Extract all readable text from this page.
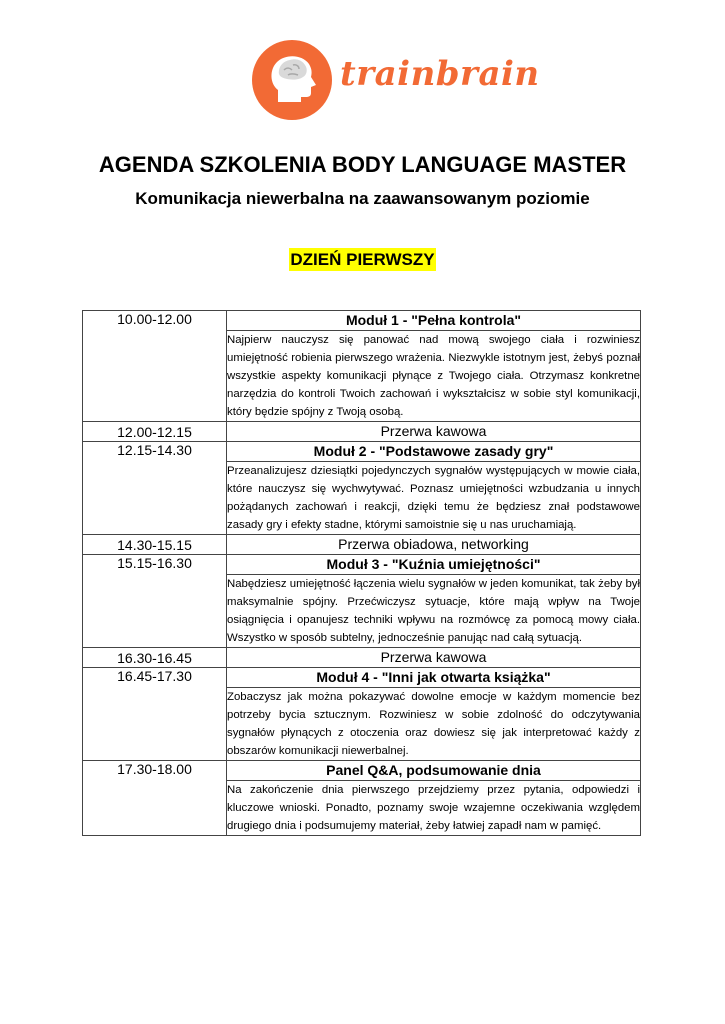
trainbrain
AGENDA SZKOLENIA BODY LANGUAGE MASTER
Komunikacja niewerbalna na zaawansowanym poziomie
DZIEŃ PIERWSZY
10.00-12.00	Moduł 1 - "Pełna kontrola"
	Najpierw nauczysz się panować nad mową swojego ciała i rozwiniesz umiejętność robienia pierwszego wrażenia. Niezwykle istotnym jest, żebyś poznał wszystkie aspekty komunikacji płynące z Twojego ciała. Otrzymasz konkretne narzędzia do kontroli Twoich zachowań i wykształcisz w sobie styl komunikacji, który będzie spójny z Twoją osobą.
12.00-12.15	Przerwa kawowa
12.15-14.30	Moduł 2 - "Podstawowe zasady gry"
	Przeanalizujesz dziesiątki pojedynczych sygnałów występujących w mowie ciała, które nauczysz się wychwytywać. Poznasz umiejętności wzbudzania u innych pożądanych zachowań i reakcji, dzięki temu że będziesz znał podstawowe zasady gry i efekty stadne, którymi samoistnie się u nas uruchamiają.
14.30-15.15	Przerwa obiadowa, networking
15.15-16.30	Moduł 3 - "Kuźnia umiejętności"
	Nabędziesz umiejętność łączenia wielu sygnałów w jeden komunikat, tak żeby był maksymalnie spójny. Przećwiczysz sytuacje, które mają wpływ na Twoje osiągnięcia i opanujesz techniki wpływu na rozmówcę za pomocą mowy ciała. Wszystko w sposób subtelny, jednocześnie panując nad całą sytuacją.
16.30-16.45	Przerwa kawowa
16.45-17.30	Moduł 4 - "Inni jak otwarta książka"
	Zobaczysz jak można pokazywać dowolne emocje w każdym momencie bez potrzeby bycia sztucznym. Rozwiniesz w sobie zdolność do odczytywania sygnałów płynących z otoczenia oraz dowiesz się jak interpretować każdy z obszarów komunikacji niewerbalnej.
17.30-18.00	Panel Q&A, podsumowanie dnia
	Na zakończenie dnia pierwszego przejdziemy przez pytania, odpowiedzi i kluczowe wnioski. Ponadto, poznamy swoje wzajemne oczekiwania względem drugiego dnia i podsumujemy materiał, żeby łatwiej zapadł nam w pamięć.
